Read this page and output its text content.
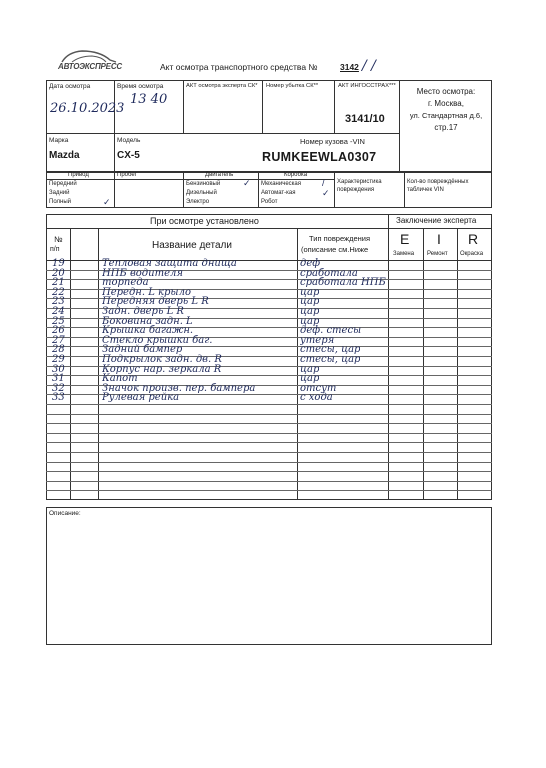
АВТОЭКСПРЕСС	Акт осмотра транспортного средства №	3142 / /
Дата осмотра
26.10.2023
Время осмотра
13 40
АКТ осмотра эксперта СК* Номер убытка СК**	АКТ ИНГОССТРАХ***
3141/10
Место осмотра:
г. Москва,
ул. Стандартная д.6,
стр.17
Марка
Mazda
Модель
CX-5
Номер кузова -VIN
RUMKEEWLA0307
Привод
Передний
Задний
Полный	✓
Пробег	Двигатель
Бензиновый	✓
Дизельный
Электро
Коробка
Механическая /
Автомат-кая	✓
Робот
Характеристика повреждения
Кол-во повреждённых табличек VIN
При осмотре установлено	Заключение эксперта
№
п/п	Название детали
Тип повреждения
(описание см.Ниже
E I R
Замена Ремонт Окраска
19	Тепловая защита днища	деф
20	НПБ водителя	сработала
21	торпеда	сработала НПБ
22	Передн. L крыло	цар
23	Передняя дверь L R	цар
24	Задн. дверь L R	цар
25	Боковина задн. L	цар
26	Крышка багажн.	деф. стесы
27	Стекло крышки баг.	утеря
28	Задний бампер	стесы, цар
29	Подкрылок задн. дв. R	стесы, цар
30	Корпус нар. зеркала R	цар
31	Капот	цар
32	Значок произв. пер. бампера	отсут
33	Рулевая рейка	с хода
Описание:
